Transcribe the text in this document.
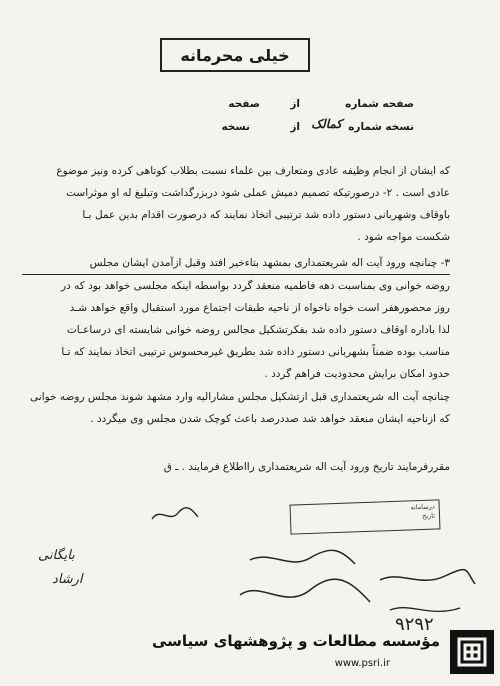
خیلی محرمانه
صفحه شماره
از
صفحه
نسخه شماره
کمالک
از
نسخه
که ایشان از انجام وظیفه عادی ومتعارف بین علماء نسبت بطلاب کوتاهی کرده ونیز موضوع
عادی است . ۲- درصورتیکه تصمیم دمیش عملی شود دربزرگداشت وتبلیغ له او موثراست
باوقاف وشهربانی دستور داده شد ترتیبی اتخاذ نمایند که درصورت اقدام بدین عمل بـا
شکست مواجه شود .
۳- چنانچه ورود آیت اله شریعتمداری بمشهد بتاءخیر افتد وقبل ازآمدن ایشان مجلس
روضه خوانی وی بمناسبت دهه فاطمیه منعقد گردد بواسطه اینکه مجلسی خواهد بود که در
روز محصورهفر است خواه ناخواه از ناحیه طبقات اجتماع مورد استقبال واقع خواهد شـد
لذا باداره اوقاف دستور داده شد بفکرتشکیل مجالس روضه خوانی شایسته ای درساعـات
مناسب بوده ضمناً بشهربانی دستور داده شد بطریق غیرمحسوس ترتیبی اتخاذ نمایند که تـا
حدود امکان برایش محدودیت فراهم گردد .
چنانچه آیت اله شریعتمداری قبل ازتشکیل مجلس مشارالیه وارد مشهد شوند مجلس روضه خوانی
که ازناحیه ایشان منعقد خواهد شد صددرصد باعث کوچک شدن مجلس وی میگردد .
مقررفرمایند تاریخ ورود آیت اله شریعتمداری رااطلاع فرمایند . ـ ق
درسامانه
تاریخ
بایگانی
ارشاد
۹۲۹۲
مؤسسه مطالعات و پژوهشهای سیاسی
www.psri.ir
